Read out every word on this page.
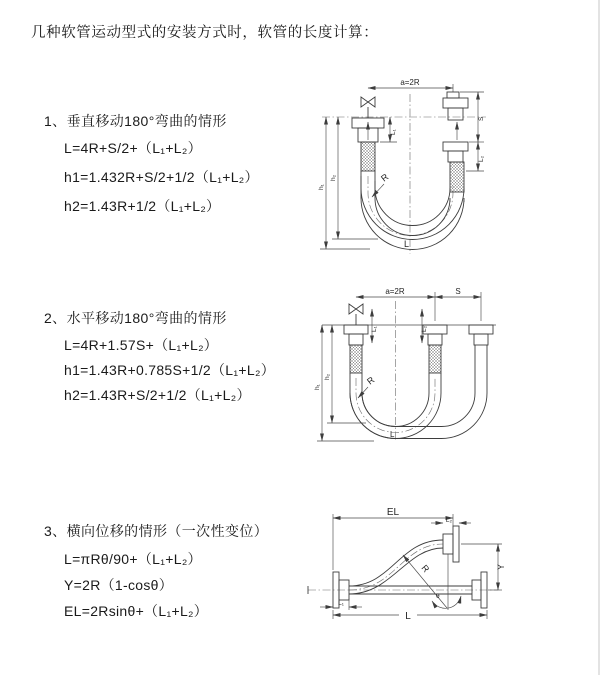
几种软管运动型式的安装方式时，软管的长度计算：
1、垂直移动180°弯曲的情形
L=4R+S/2+（L₁+L₂）
h1=1.432R+S/2+1/2（L₁+L₂）
h2=1.43R+1/2（L₁+L₂）
2、水平移动180°弯曲的情形
L=4R+1.57S+（L₁+L₂）
h1=1.43R+0.785S+1/2（L₁+L₂）
h2=1.43R+S/2+1/2（L₁+L₂）
3、横向位移的情形（一次性变位）
L=πRθ/90+（L₁+L₂）
Y=2R（1-cosθ）
EL=2Rsinθ+（L₁+L₂）
a=2R
h₁
h₂
L₁
S
L₂
R
L
a=2R	S
h₁
h₂
L₁	L₂
R
L
EL
L₂
Y
R
θ
L₁
L
